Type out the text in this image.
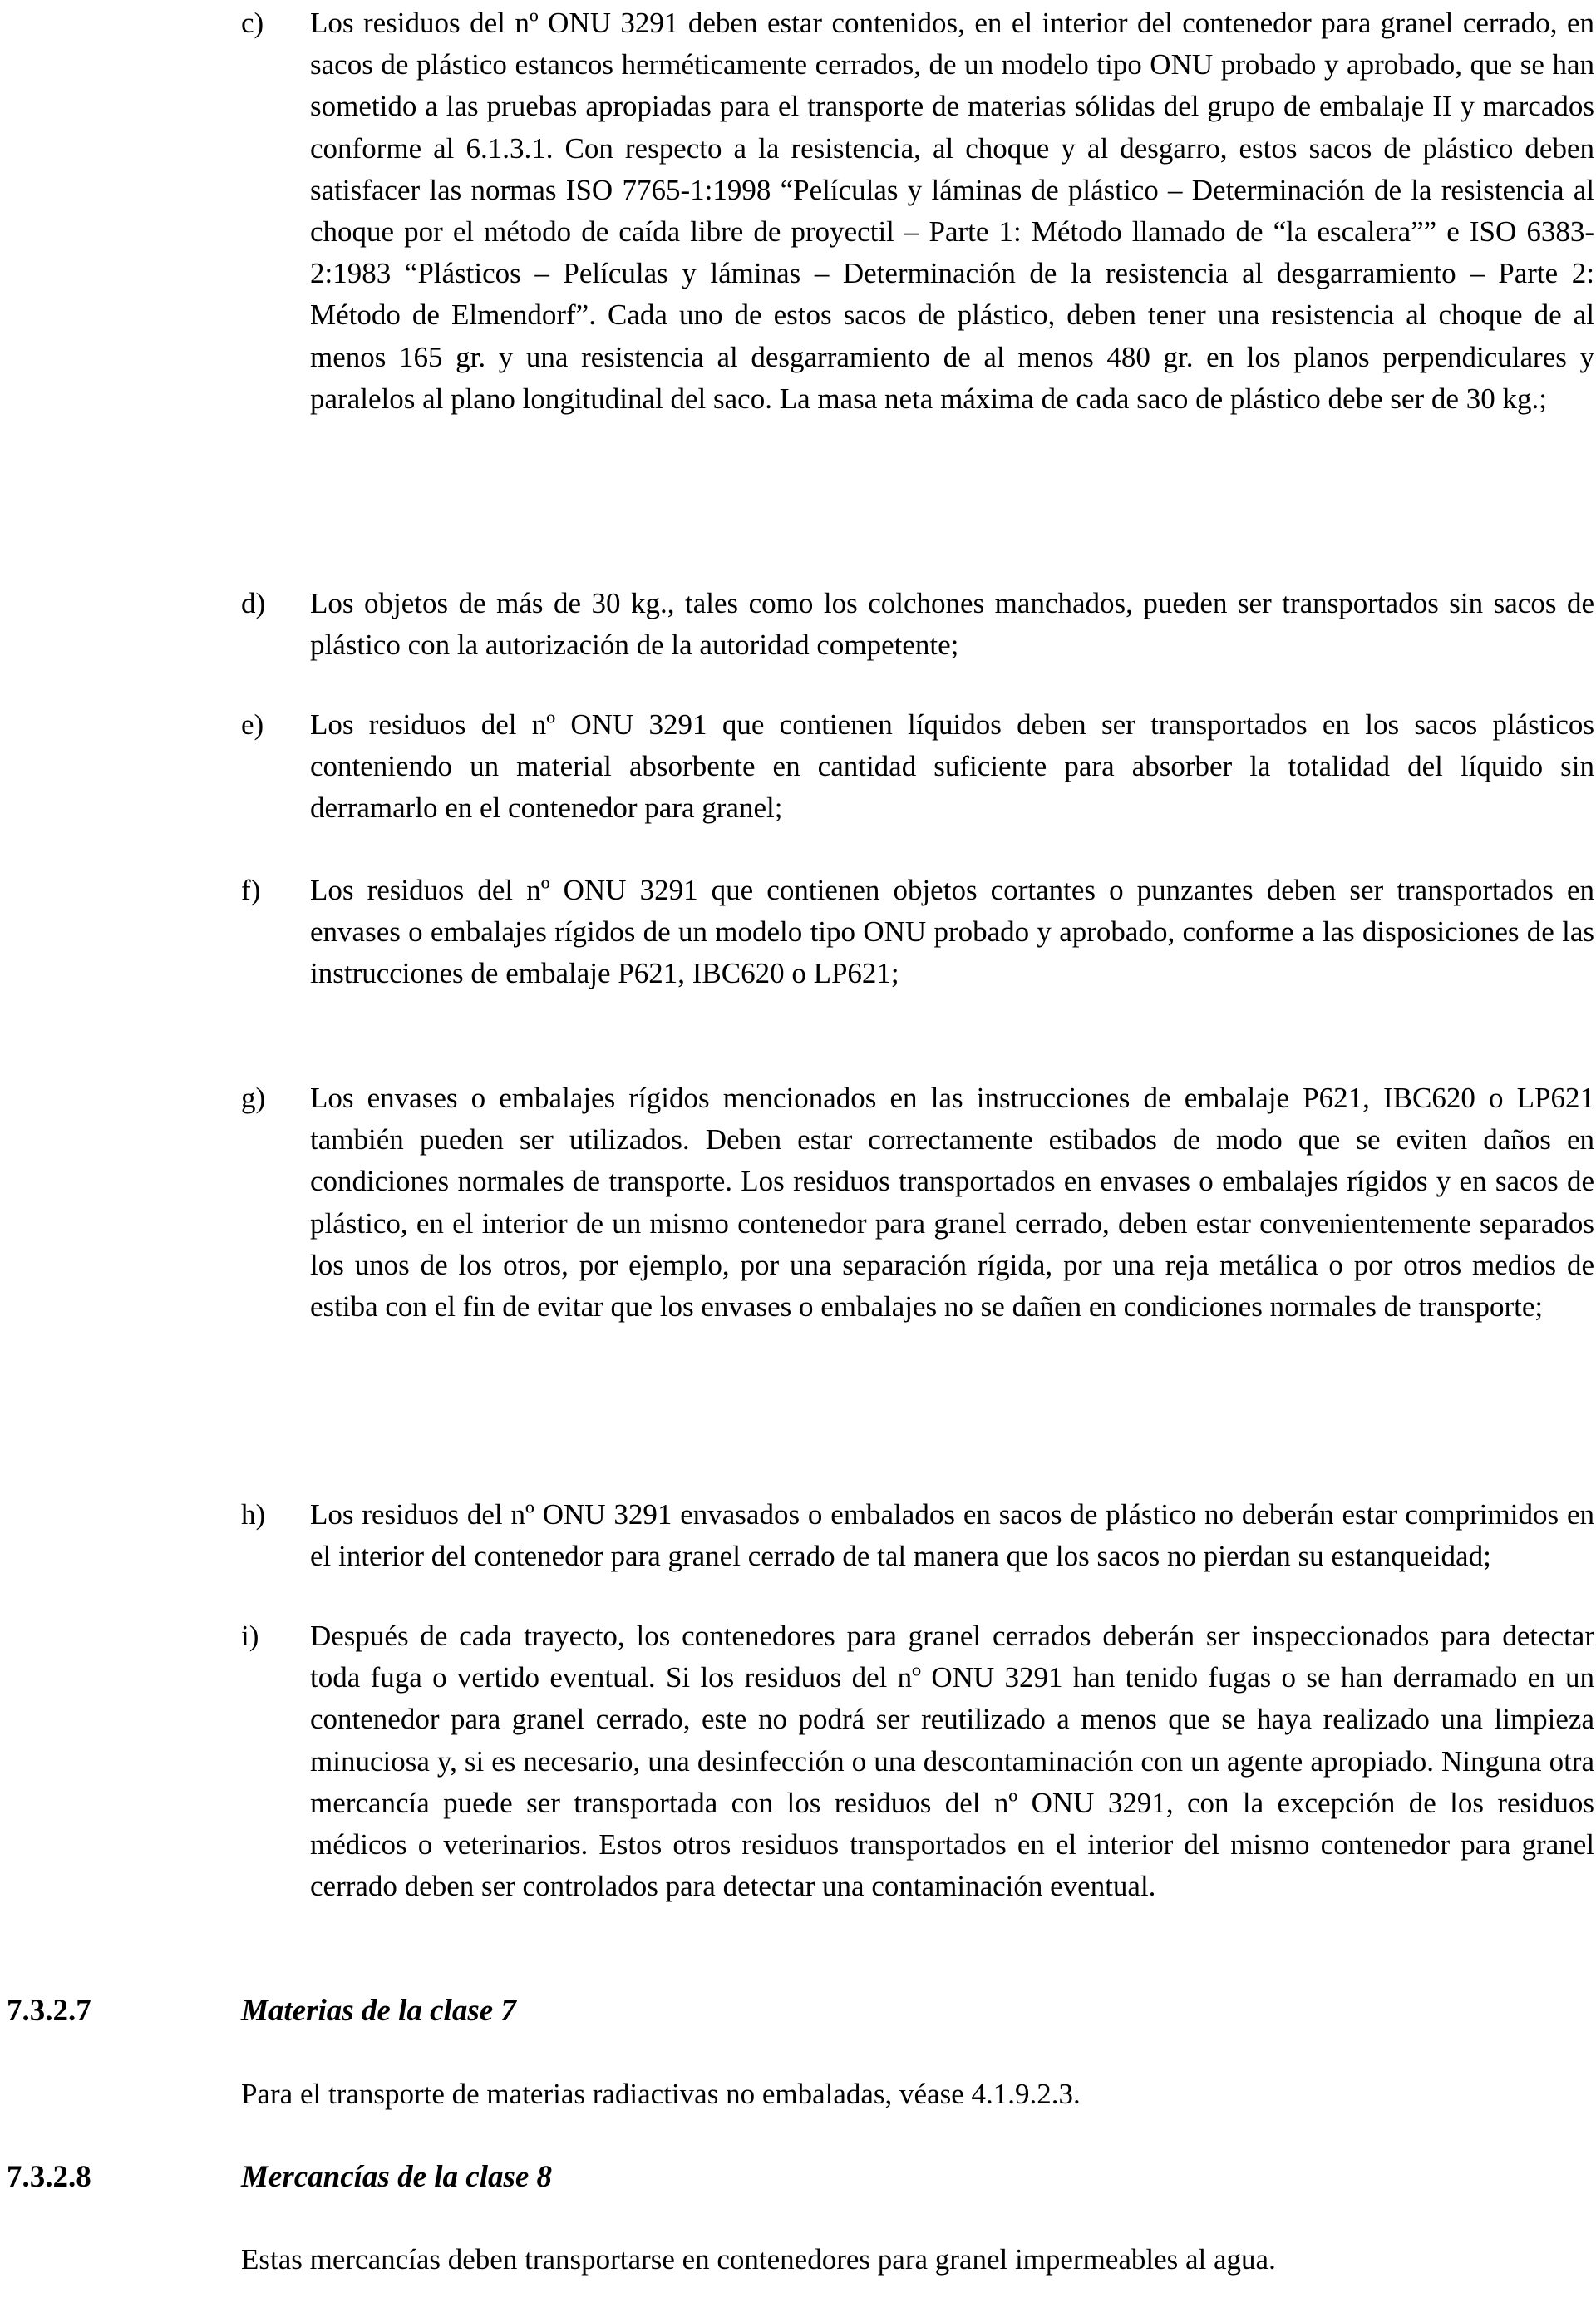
c) Los residuos del nº ONU 3291 deben estar contenidos, en el interior del contenedor para granel cerrado, en sacos de plástico estancos herméticamente cerrados, de un modelo tipo ONU probado y aprobado, que se han sometido a las pruebas apropiadas para el transporte de materias sólidas del grupo de embalaje II y marcados conforme al 6.1.3.1. Con respecto a la resistencia, al choque y al desgarro, estos sacos de plástico deben satisfacer las normas ISO 7765-1:1998 “Películas y láminas de plástico – Determinación de la resistencia al choque por el método de caída libre de proyectil – Parte 1: Método llamado de “la escalera”” e ISO 6383-2:1983 “Plásticos – Películas y láminas – Determinación de la resistencia al desgarramiento – Parte 2: Método de Elmendorf”. Cada uno de estos sacos de plástico, deben tener una resistencia al choque de al menos 165 gr. y una resistencia al desgarramiento de al menos 480 gr. en los planos perpendiculares y paralelos al plano longitudinal del saco. La masa neta máxima de cada saco de plástico debe ser de 30 kg.;

d) Los objetos de más de 30 kg., tales como los colchones manchados, pueden ser transportados sin sacos de plástico con la autorización de la autoridad competente;

e) Los residuos del nº ONU 3291 que contienen líquidos deben ser transportados en los sacos plásticos conteniendo un material absorbente en cantidad suficiente para absorber la totalidad del líquido sin derramarlo en el contenedor para granel;

f) Los residuos del nº ONU 3291 que contienen objetos cortantes o punzantes deben ser transportados en envases o embalajes rígidos de un modelo tipo ONU probado y aprobado, conforme a las disposiciones de las instrucciones de embalaje P621, IBC620 o LP621;

g) Los envases o embalajes rígidos mencionados en las instrucciones de embalaje P621, IBC620 o LP621 también pueden ser utilizados. Deben estar correctamente estibados de modo que se eviten daños en condiciones normales de transporte. Los residuos transportados en envases o embalajes rígidos y en sacos de plástico, en el interior de un mismo contenedor para granel cerrado, deben estar convenientemente separados los unos de los otros, por ejemplo, por una separación rígida, por una reja metálica o por otros medios de estiba con el fin de evitar que los envases o embalajes no se dañen en condiciones normales de transporte;

h) Los residuos del nº ONU 3291 envasados o embalados en sacos de plástico no deberán estar comprimidos en el interior del contenedor para granel cerrado de tal manera que los sacos no pierdan su estanqueidad;

i) Después de cada trayecto, los contenedores para granel cerrados deberán ser inspeccionados para detectar toda fuga o vertido eventual. Si los residuos del nº ONU 3291 han tenido fugas o se han derramado en un contenedor para granel cerrado, este no podrá ser reutilizado a menos que se haya realizado una limpieza minuciosa y, si es necesario, una desinfección o una descontaminación con un agente apropiado. Ninguna otra mercancía puede ser transportada con los residuos del nº ONU 3291, con la excepción de los residuos médicos o veterinarios. Estos otros residuos transportados en el interior del mismo contenedor para granel cerrado deben ser controlados para detectar una contaminación eventual.

7.3.2.7	Materias de la clase 7

Para el transporte de materias radiactivas no embaladas, véase 4.1.9.2.3.

7.3.2.8	Mercancías de la clase 8

Estas mercancías deben transportarse en contenedores para granel impermeables al agua.
